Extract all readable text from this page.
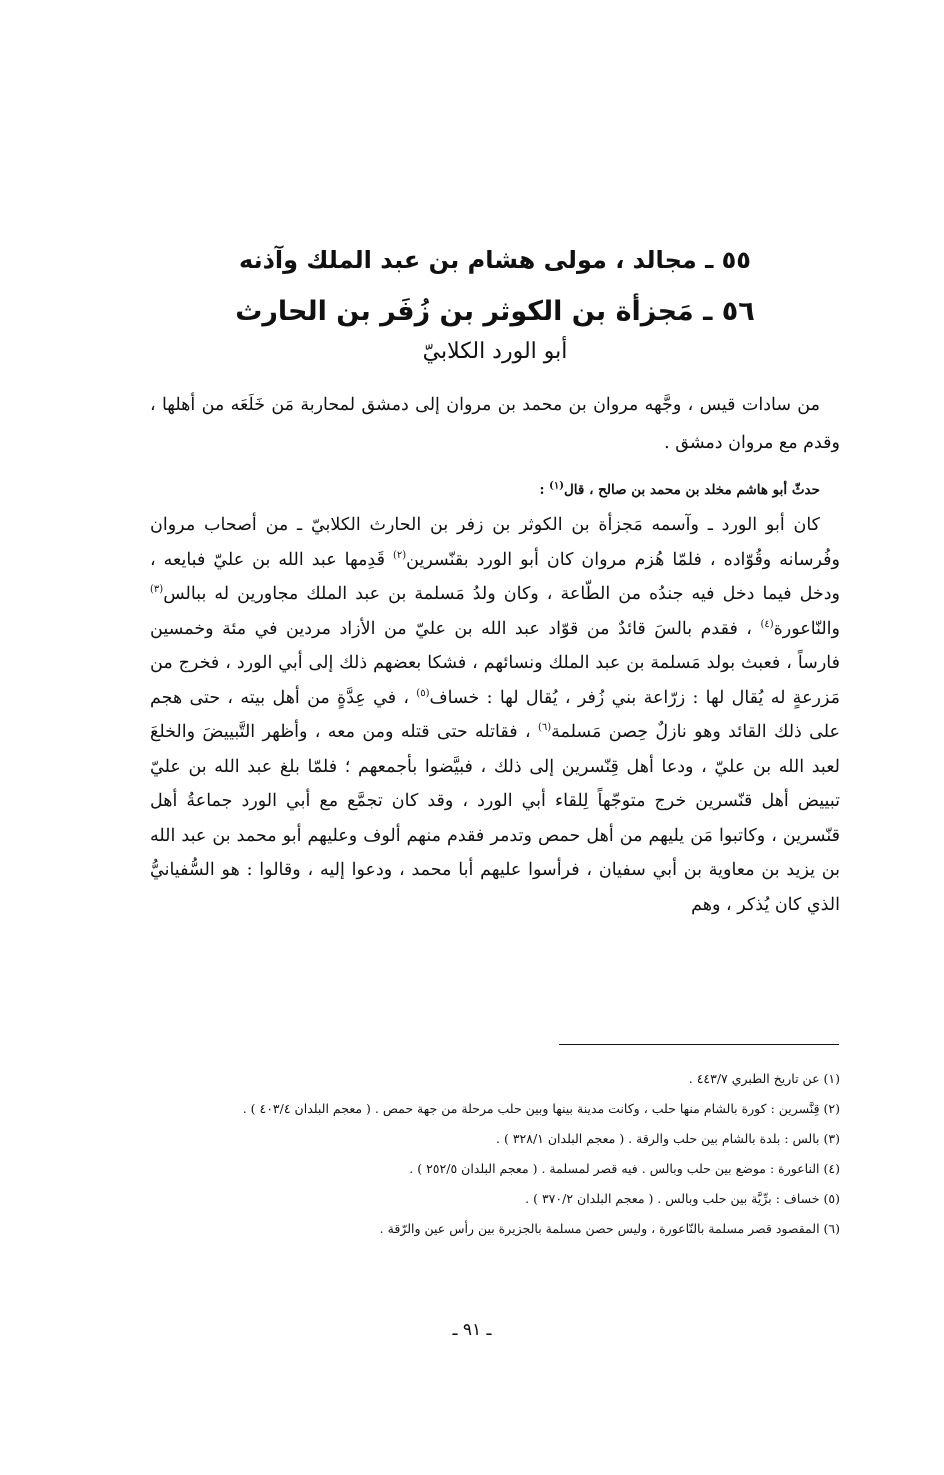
٥٥ ـ مجالد ، مولى هشام بن عبد الملك وآذنه

٥٦ ـ مَجزأة بن الكوثر بن زُفَر بن الحارث

أبو الورد الكلابيّ

من سادات قيس ، وجَّهه مروان بن محمد بن مروان إلى دمشق لمحاربة مَن خَلَعَه من أهلها ، وقدم مع مروان دمشق .

حدثّ أبو هاشم مخلد بن محمد بن صالح ، قال$^{(١)}$ :

كان أبو الورد ـ وآسمه مَجزأة بن الكوثر بن زفر بن الحارث الكلابيّ ـ من أصحاب مروان وفُرسانه وقُوّاده ، فلمّا هُزم مروان كان أبو الورد بقنّسرين$^{(٢)}$ قَدِمها عبد الله بن عليّ فبايعه ، ودخل فيما دخل فيه جندُه من الطّاعة ، وكان ولدُ مَسلمة بن عبد الملك مجاورين له ببالس$^{(٣)}$ والنّاعورة$^{(٤)}$ ، فقدم بالسَ قائدٌ من قوّاد عبد الله بن عليّ من الأزاد مردين في مئة وخمسين فارساً ، فعبث بولد مَسلمة بن عبد الملك ونسائهم ، فشكا بعضهم ذلك إلى أبي الورد ، فخرج من مَزرعةٍ له يُقال لها : زرّاعة بني زُفر ، يُقال لها : خساف$^{(٥)}$ ، في عِدَّةٍ من أهل بيته ، حتى هجم على ذلك القائد وهو نازلٌ حِصن مَسلمة$^{(٦)}$ ، فقاتله حتى قتله ومن معه ، وأظهر التَّبييضَ والخلعَ لعبد الله بن عليّ ، ودعا أهل قِنّسرين إلى ذلك ، فبيَّضوا بأجمعهم ؛ فلمّا بلغ عبد الله بن عليّ تبييض أهل قنّسرين خرج متوجّهاً لِلقاء أبي الورد ، وقد كان تجمَّع مع أبي الورد جماعةُ أهل قنّسرين ، وكاتبوا مَن يليهم من أهل حمص وتدمر فقدم منهم ألوف وعليهم أبو محمد بن عبد الله بن يزيد بن معاوية بن أبي سفيان ، فرأسوا عليهم أبا محمد ، ودعوا إليه ، وقالوا : هو السُّفيانيُّ الذي كان يُذكر ، وهم

(١) عن تاريخ الطبري ٤٤٣/٧ .

(٢) قِنَّسرين : كورة بالشام منها حلب ، وكانت مدينة بينها وبين حلب مرحلة من جهة حمص . ( معجم البلدان ٤٠٣/٤ ) .

(٣) بالس : بلدة بالشام بين حلب والرقة . ( معجم البلدان ٣٢٨/١ ) .

(٤) الناعورة : موضع بين حلب وبالس . فيه قصر لمسلمة . ( معجم البلدان ٢٥٢/٥ ) .

(٥) خساف : برِّيَّة بين حلب وبالس . ( معجم البلدان ٣٧٠/٢ ) .

(٦) المقصود قصر مسلمة بالنّاعورة ، وليس حصن مسلمة بالجزيرة بين رأس عين والرّقة .

ـ ٩١ ـ
